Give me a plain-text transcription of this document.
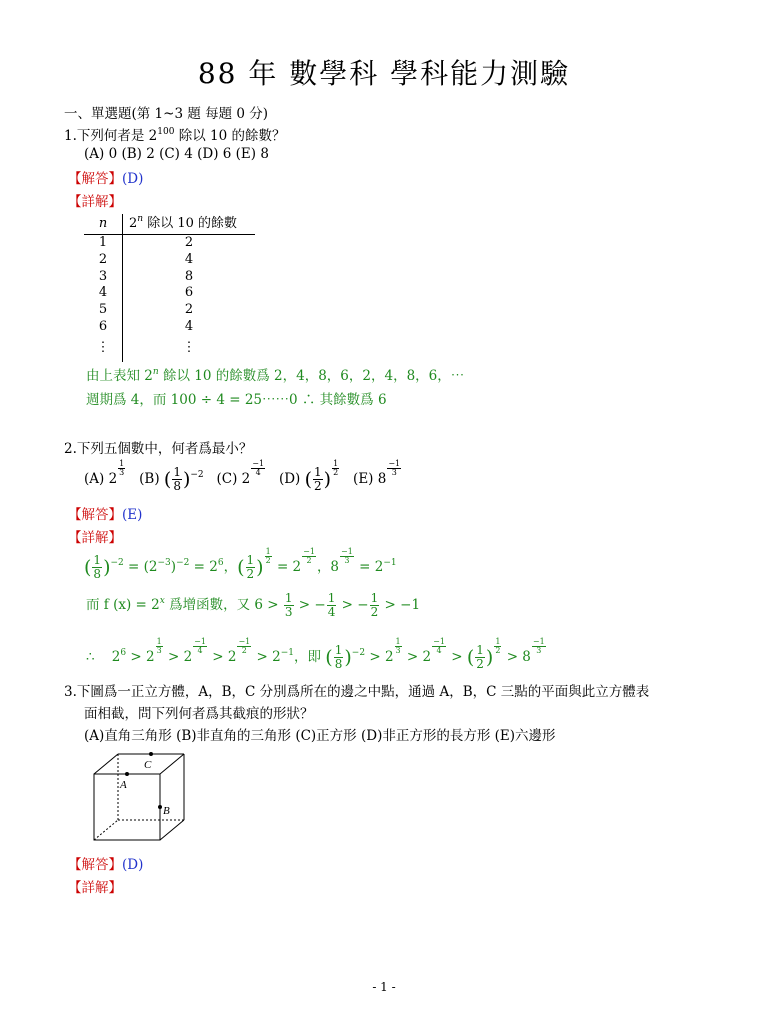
88 年 數學科 學科能力測驗
一、單選題(第 1~3 題 每題 0 分)
1.下列何者是 $2^{100}$ 除以 10 的餘數？
(A) 0 (B) 2 (C) 4 (D) 6 (E) 8
【解答】(D)
【詳解】
n	2$^n$ 除以 10 的餘數
1	2
2	4
3	8
4	6
5	2
6	4
⋮	⋮
由上表知 2$^n$ 餘以 10 的餘數爲 2，4，8，6，2，4，8，6，⋯
週期爲 4，而 100 ÷ 4 = 25⋯⋯0 ∴ 其餘數爲 6
2.下列五個數中，何者爲最小？
(A) 2
$\frac{1}{3}$
(B) ( $\frac{1}{8} )^{-2}$   (C) 2
$\frac{-1}{4}$
(D) ( $\frac{1}{2}$ ) $\frac{1}{2}$
(E) 8
$\frac{-1}{3}$
【解答】(E)
【詳解】
( $\frac{1}{8} )^{-2} = (2^{-3})^{-2} = 2^6$，( $\frac{1}{2}$ ) $\frac{1}{2}$
= 2
$\frac{-1}{2}$
，8
$\frac{-1}{3}$
= $2^{-1}$
而 f $(x) = 2^x$ 爲增函數，又 $6 > \frac{1}{3}$ > − $\frac{1}{4}$ > − $\frac{1}{2} > -1$
∴    $2^6 > 2$
$\frac{1}{3}$
> 2
$\frac{-1}{4}$
> 2
$\frac{-1}{2}$
> $2^{-1}$，即 ( $\frac{1}{8} )^{-2} > 2$
$\frac{1}{3}$
> 2
$\frac{-1}{4}$
> ( $\frac{1}{2}$ ) $\frac{1}{2}$
> 8
$\frac{-1}{3}$
3.下圖爲一正立方體，A，B，C 分別爲所在的邊之中點，通過 A，B，C 三點的平面與此立方體表
面相截，問下列何者爲其截痕的形狀？
(A)直角三角形 (B)非直角的三角形 (C)正方形 (D)非正方形的長方形 (E)六邊形
C
A
B
【解答】(D)
【詳解】
- 1 -
